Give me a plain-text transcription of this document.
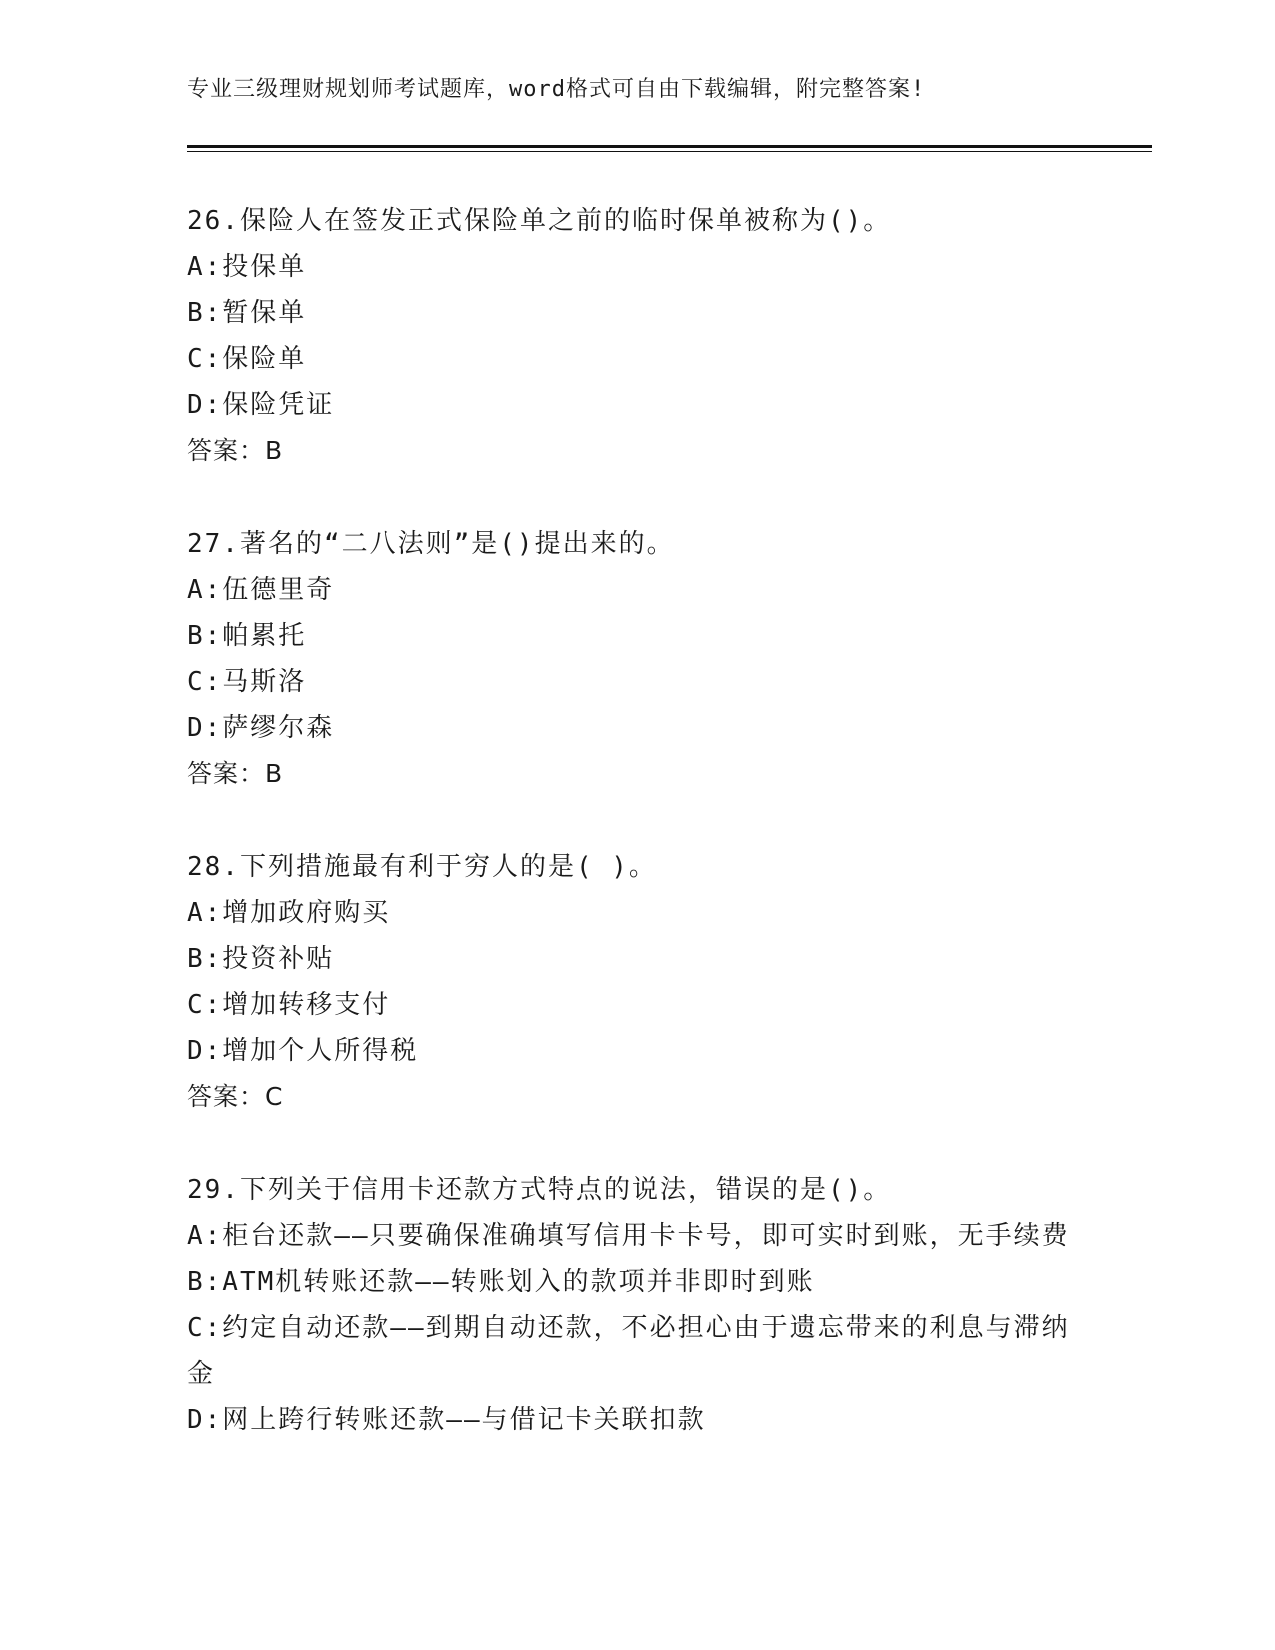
专业三级理财规划师考试题库，word格式可自由下载编辑，附完整答案!
26.保险人在签发正式保险单之前的临时保单被称为()。
A:投保单
B:暂保单
C:保险单
D:保险凭证
答案：B
27.著名的“二八法则”是()提出来的。
A:伍德里奇
B:帕累托
C:马斯洛
D:萨缪尔森
答案：B
28.下列措施最有利于穷人的是( )。
A:增加政府购买
B:投资补贴
C:增加转移支付
D:增加个人所得税
答案：C
29.下列关于信用卡还款方式特点的说法，错误的是()。
A:柜台还款——只要确保准确填写信用卡卡号，即可实时到账，无手续费
B:ATM机转账还款——转账划入的款项并非即时到账
C:约定自动还款——到期自动还款，不必担心由于遗忘带来的利息与滞纳金
D:网上跨行转账还款——与借记卡关联扣款
